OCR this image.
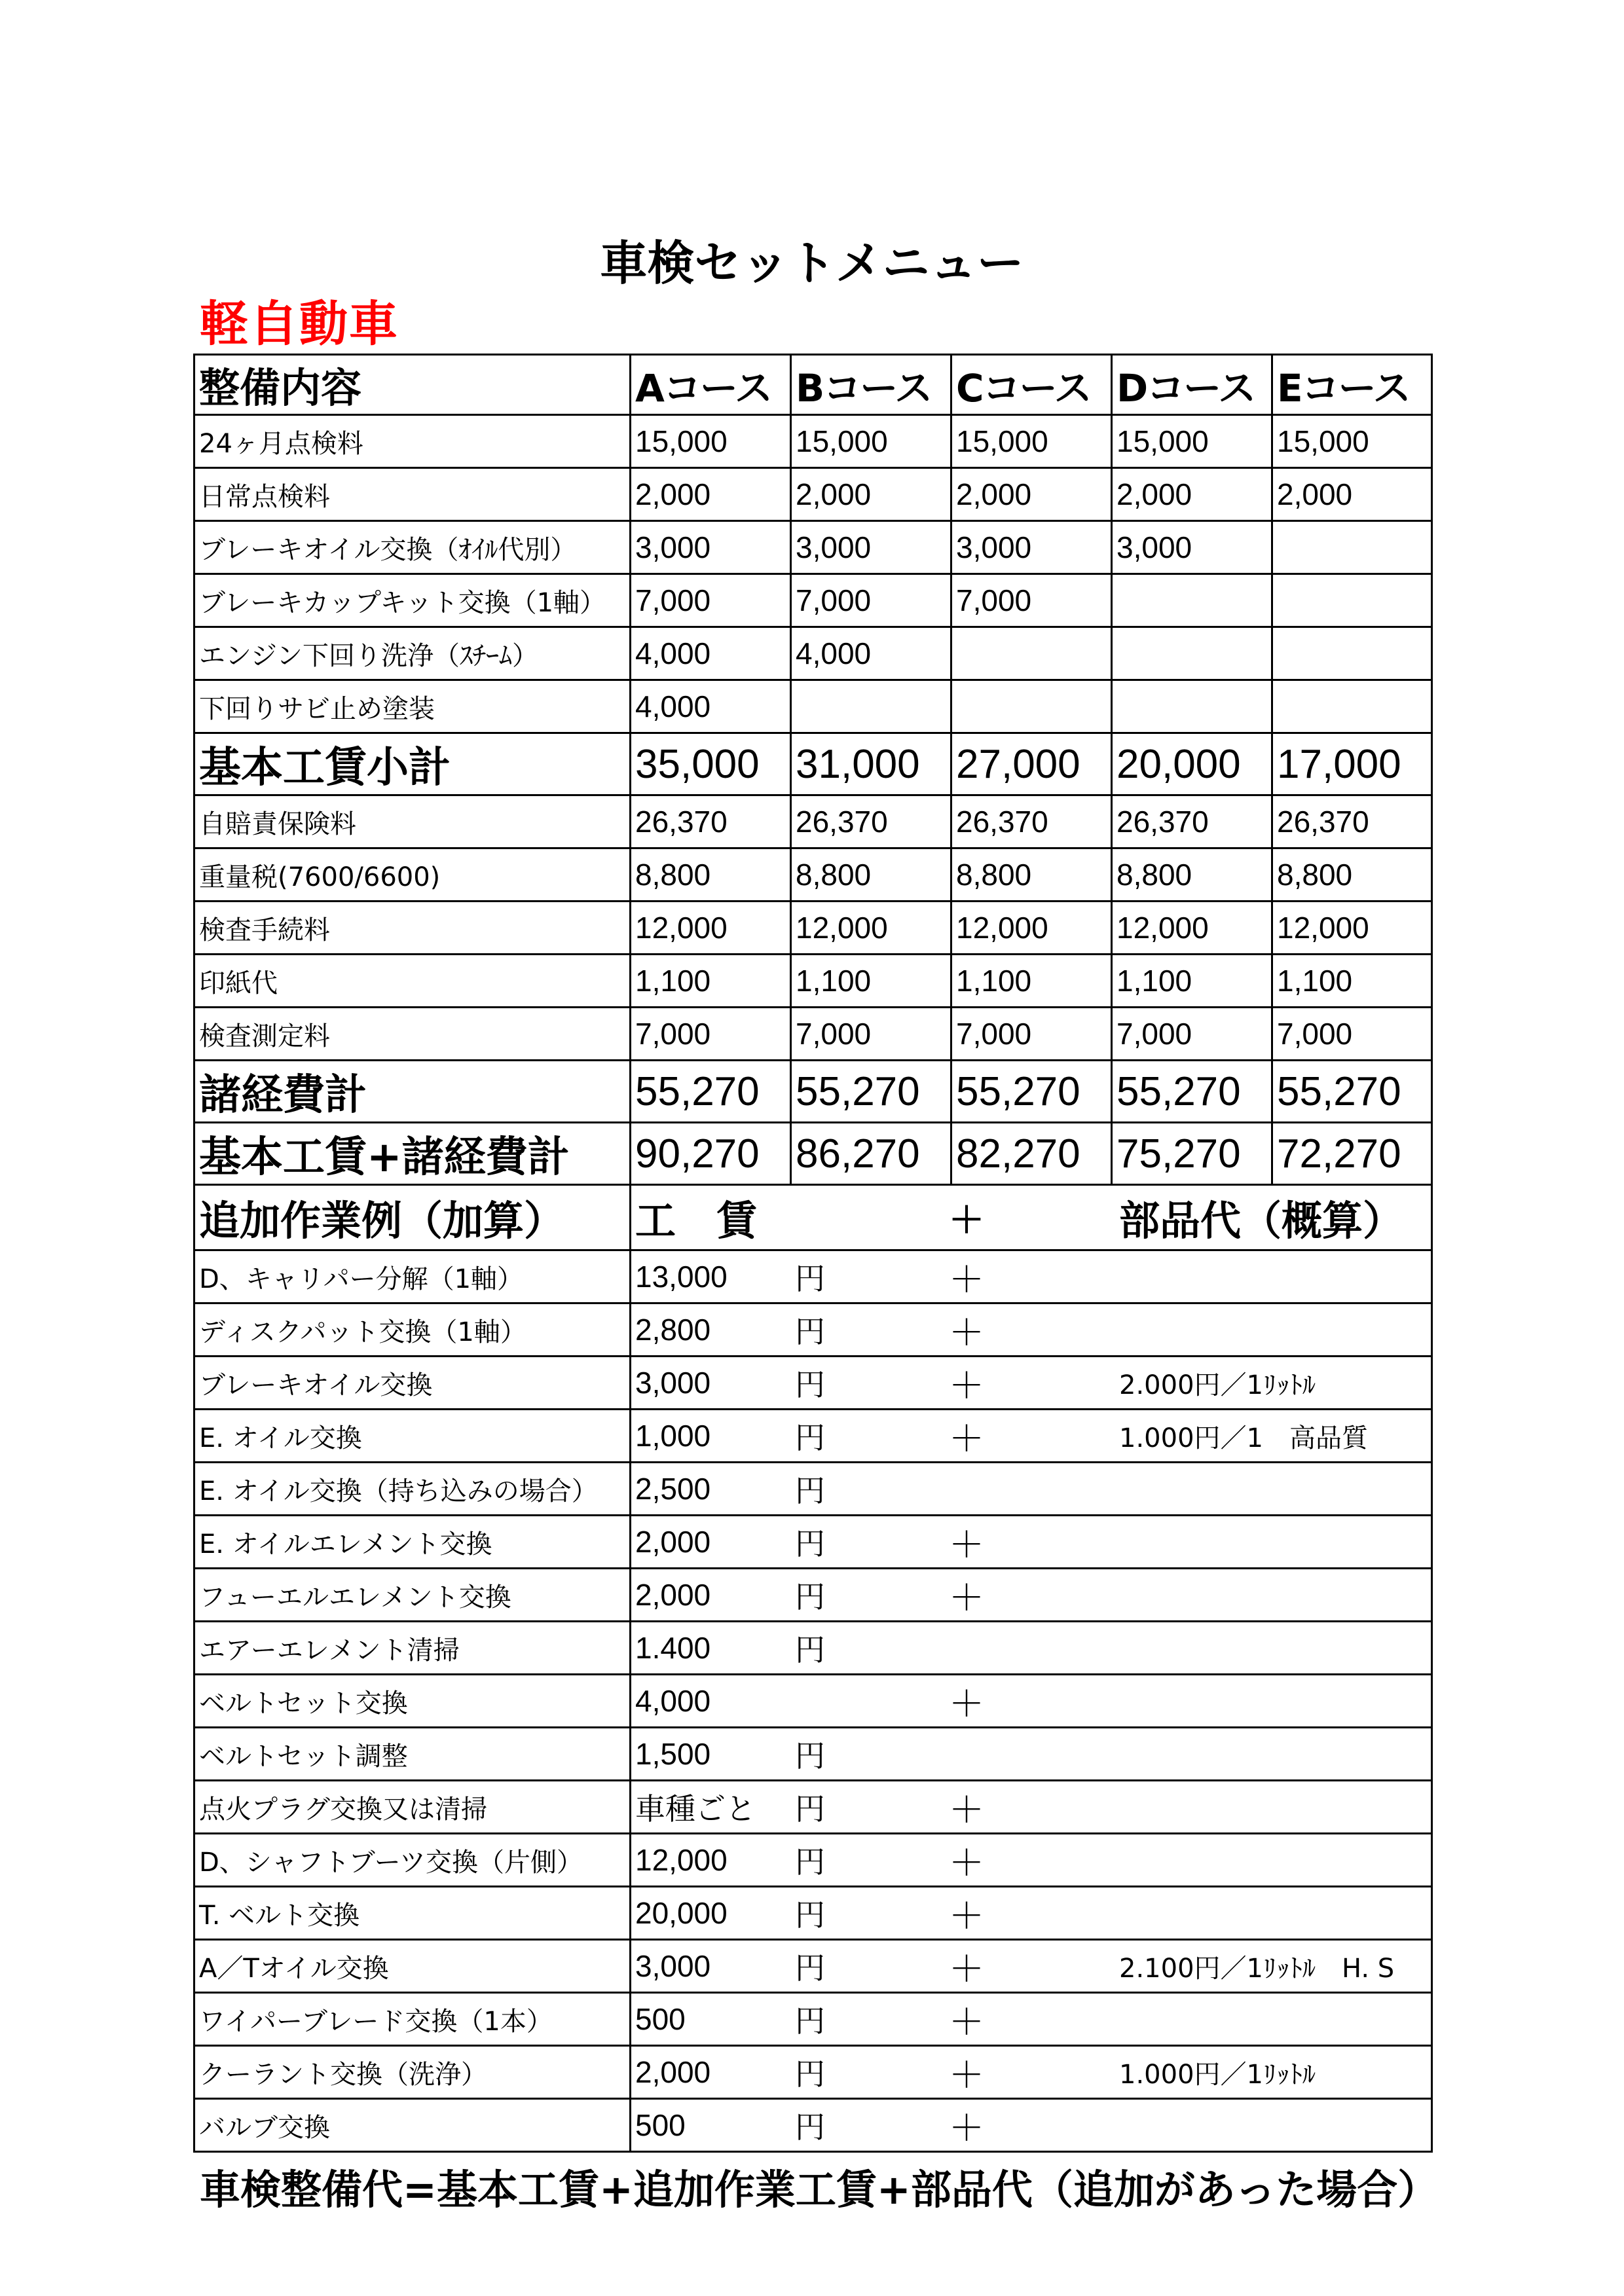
車検セットメニュー
軽自動車
整備内容	Aコース	Bコース	Cコース	Dコース	Eコース
24ヶ月点検料	15,000	15,000	15,000	15,000	15,000
日常点検料	2,000	2,000	2,000	2,000	2,000
ブレーキオイル交換（ｵｲﾙ代別）	3,000	3,000	3,000	3,000	
ブレーキカップキット交換（1軸）	7,000	7,000	7,000		
エンジン下回り洗浄（ｽﾁｰﾑ）	4,000	4,000			
下回りサビ止め塗装	4,000				
基本工賃小計	35,000	31,000	27,000	20,000	17,000
自賠責保険料	26,370	26,370	26,370	26,370	26,370
重量税(7600/6600)	8,800	8,800	8,800	8,800	8,800
検査手続料	12,000	12,000	12,000	12,000	12,000
印紙代	1,100	1,100	1,100	1,100	1,100
検査測定料	7,000	7,000	7,000	7,000	7,000
諸経費計	55,270	55,270	55,270	55,270	55,270
基本工賃+諸経費計	90,270	86,270	82,270	75,270	72,270
追加作業例（加算）	工　賃 ＋ 部品代（概算）				

D、キャリパー分解（1軸）	13,000 円 ＋				

ディスクパット交換（1軸）	2,800 円 ＋				

ブレーキオイル交換	3,000 円 ＋ 2.000円／1ﾘｯﾄﾙ				

E. オイル交換	1,000 円 ＋ 1.000円／1　高品質				

E. オイル交換（持ち込みの場合）	2,500 円				

E. オイルエレメント交換	2,000 円 ＋				

フューエルエレメント交換	2,000 円 ＋				

エアーエレメント清掃	1.400 円				

ベルトセット交換	4,000 ＋				

ベルトセット調整	1,500 円				

点火プラグ交換又は清掃	車種ごと 円 ＋				

D、シャフトブーツ交換（片側）	12,000 円 ＋				

T. ベルト交換	20,000 円 ＋				

A／Tオイル交換	3,000 円 ＋ 2.100円／1ﾘｯﾄﾙ　H. S				

ワイパーブレード交換（1本）	500 円 ＋				

クーラント交換（洗浄）	2,000 円 ＋ 1.000円／1ﾘｯﾄﾙ				

バルブ交換	500 円 ＋				
車検整備代=基本工賃+追加作業工賃+部品代（追加があった場合）
